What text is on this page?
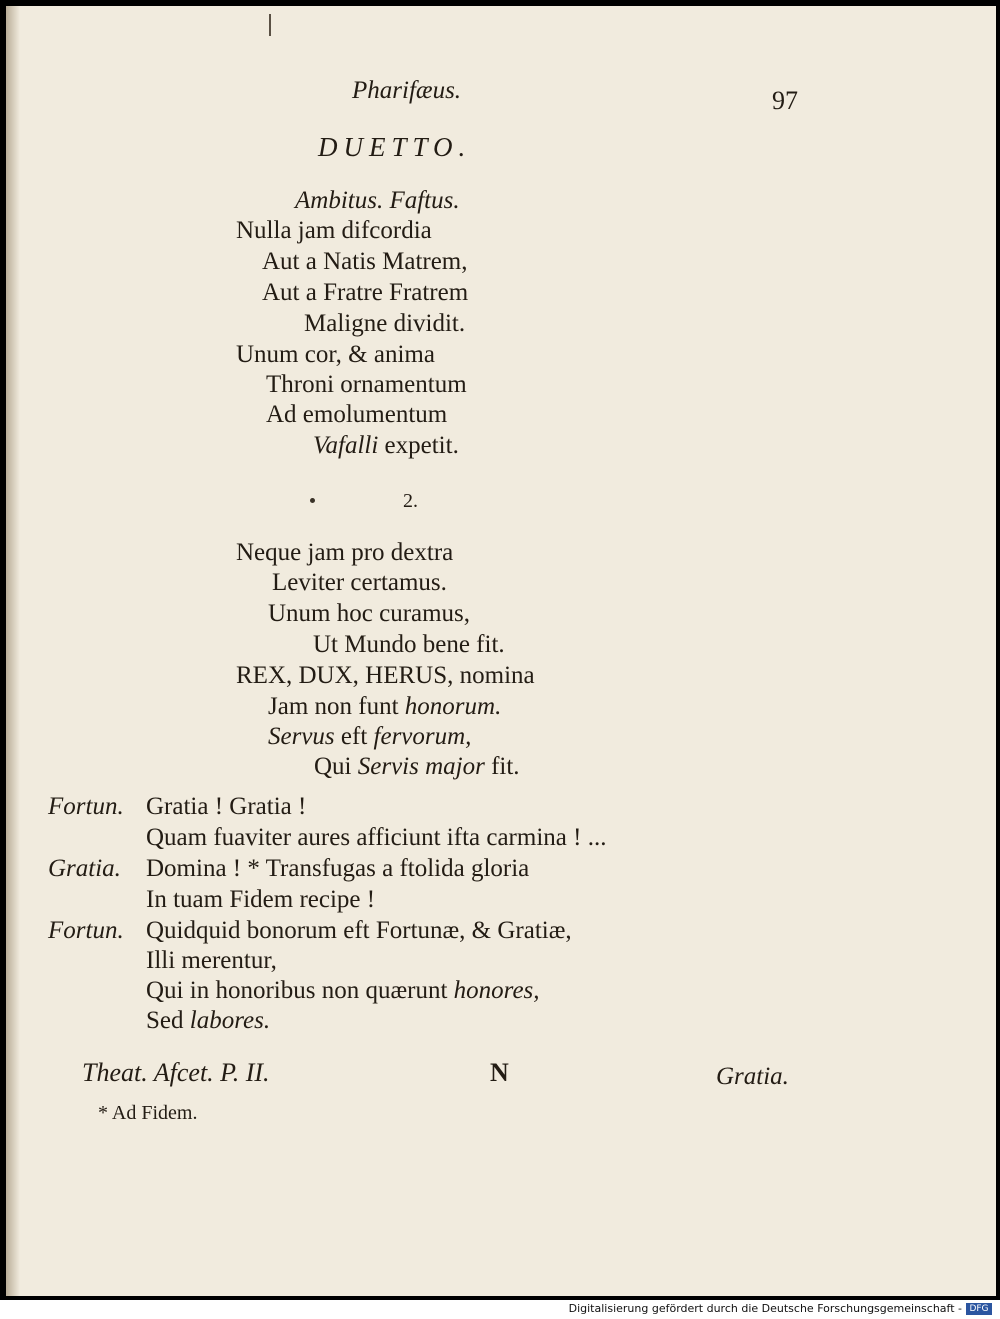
Pharifæus.	97
DUETTO.
Ambitus. Faftus.
Nulla jam difcordia
Aut a Natis Matrem,
Aut a Fratre Fratrem
Maligne dividit.
Unum cor, & anima
Throni ornamentum
Ad emolumentum
Vafalli expetit.
2.
Neque jam pro dextra
Leviter certamus.
Unum hoc curamus,
Ut Mundo bene fit.
REX, DUX, HERUS, nomina
Jam non funt honorum.
Servus eft fervorum,
Qui Servis major fit.
Fortun. Gratia ! Gratia !
Quam fuaviter aures afficiunt ifta carmina ! ...
Gratia. Domina ! * Transfugas a ftolida gloria
In tuam Fidem recipe !
Fortun. Quidquid bonorum eft Fortunæ, & Gratiæ,
Illi merentur,
Qui in honoribus non quærunt honores,
Sed labores.
Theat. Afcet. P. II.	N	Gratia.
* Ad Fidem.
Digitalisierung gefördert durch die Deutsche Forschungsgemeinschaft - DFG
